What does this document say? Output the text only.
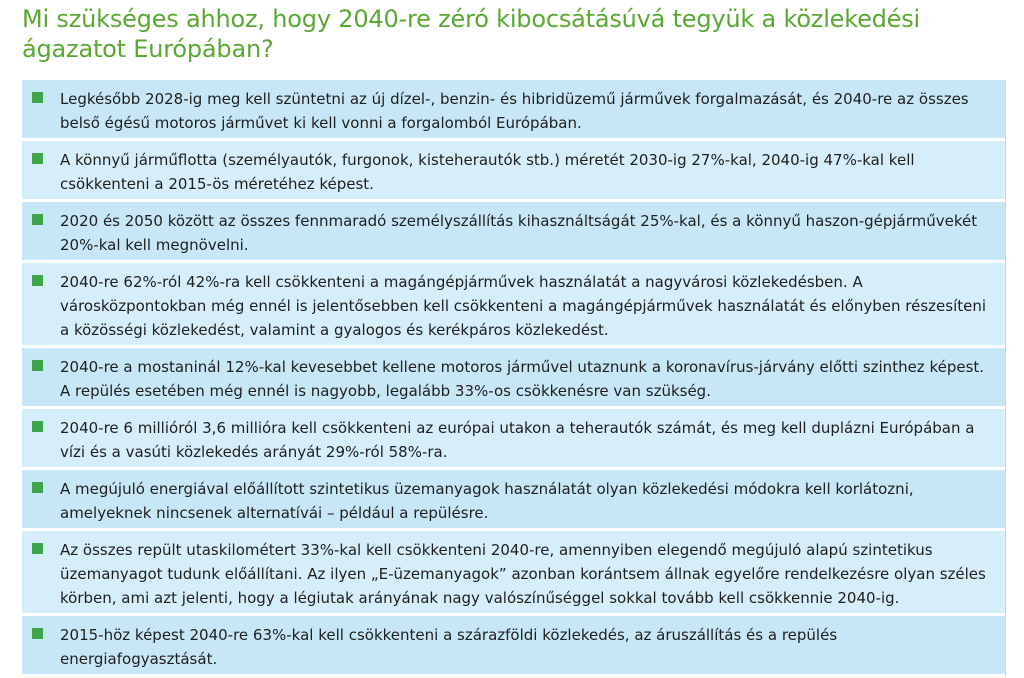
Mi szükséges ahhoz, hogy 2040-re zéró kibocsátásúvá tegyük a közlekedési ágazatot Európában?
Legkésőbb 2028-ig meg kell szüntetni az új dízel-, benzin- és hibridüzemű járművek forgalmazását, és 2040-re az összes belső égésű motoros járművet ki kell vonni a forgalomból Európában.
A könnyű járműflotta (személyautók, furgonok, kisteherautók stb.) méretét 2030-ig 27%-kal, 2040-ig 47%-kal kell csökkenteni a 2015-ös méretéhez képest.
2020 és 2050 között az összes fennmaradó személyszállítás kihasználtságát 25%-kal, és a könnyű haszon-gépjárművekét 20%-kal kell megnövelni.
2040-re 62%-ról 42%-ra kell csökkenteni a magángépjárművek használatát a nagyvárosi közlekedésben. A városközpontokban még ennél is jelentősebben kell csökkenteni a magángépjárművek használatát és előnyben részesíteni a közösségi közlekedést, valamint a gyalogos és kerékpáros közlekedést.
2040-re a mostaninál 12%-kal kevesebbet kellene motoros járművel utaznunk a koronavírus-járvány előtti szinthez képest. A repülés esetében még ennél is nagyobb, legalább 33%-os csökkenésre van szükség.
2040-re 6 millióról 3,6 millióra kell csökkenteni az európai utakon a teherautók számát, és meg kell duplázni Európában a vízi és a vasúti közlekedés arányát 29%-ról 58%-ra.
A megújuló energiával előállított szintetikus üzemanyagok használatát olyan közlekedési módokra kell korlátozni, amelyeknek nincsenek alternatívái – például a repülésre.
Az összes repült utaskilométert 33%-kal kell csökkenteni 2040-re, amennyiben elegendő megújuló alapú szintetikus üzemanyagot tudunk előállítani. Az ilyen „E-üzemanyagok” azonban korántsem állnak egyelőre rendelkezésre olyan széles körben, ami azt jelenti, hogy a légiutak arányának nagy valószínűséggel sokkal tovább kell csökkennie 2040-ig.
2015-höz képest 2040-re 63%-kal kell csökkenteni a szárazföldi közlekedés, az áruszállítás és a repülés energiafogyasztását.
